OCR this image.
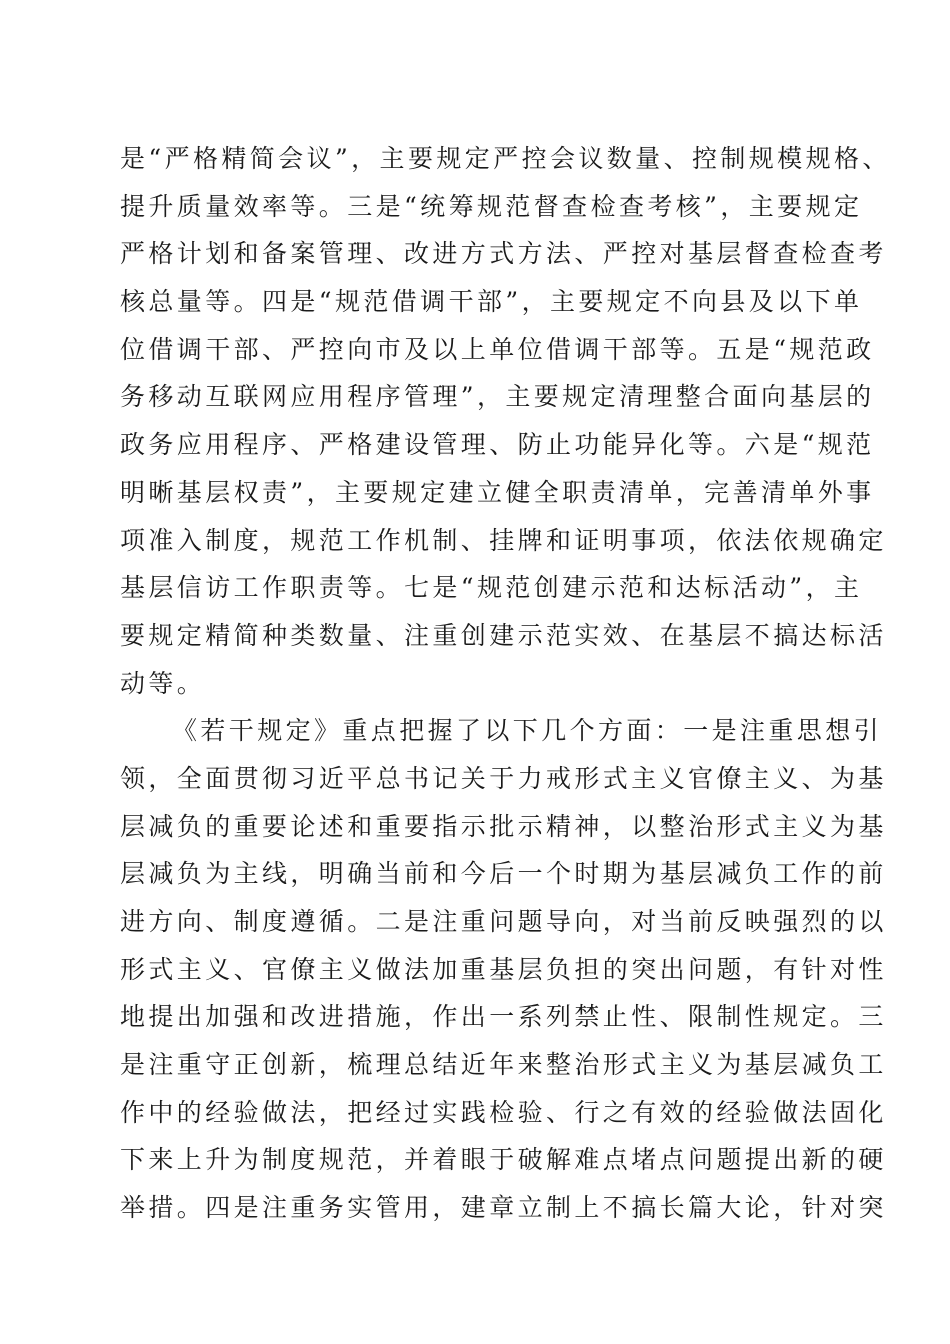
是“严格精简会议”，主要规定严控会议数量、控制规模规格、
提升质量效率等。三是“统筹规范督查检查考核”，主要规定
严格计划和备案管理、改进方式方法、严控对基层督查检查考
核总量等。四是“规范借调干部”，主要规定不向县及以下单
位借调干部、严控向市及以上单位借调干部等。五是“规范政
务移动互联网应用程序管理”，主要规定清理整合面向基层的
政务应用程序、严格建设管理、防止功能异化等。六是“规范
明晰基层权责”，主要规定建立健全职责清单，完善清单外事
项准入制度，规范工作机制、挂牌和证明事项，依法依规确定
基层信访工作职责等。七是“规范创建示范和达标活动”，主
要规定精简种类数量、注重创建示范实效、在基层不搞达标活
动等。
《若干规定》重点把握了以下几个方面：一是注重思想引
领，全面贯彻习近平总书记关于力戒形式主义官僚主义、为基
层减负的重要论述和重要指示批示精神，以整治形式主义为基
层减负为主线，明确当前和今后一个时期为基层减负工作的前
进方向、制度遵循。二是注重问题导向，对当前反映强烈的以
形式主义、官僚主义做法加重基层负担的突出问题，有针对性
地提出加强和改进措施，作出一系列禁止性、限制性规定。三
是注重守正创新，梳理总结近年来整治形式主义为基层减负工
作中的经验做法，把经过实践检验、行之有效的经验做法固化
下来上升为制度规范，并着眼于破解难点堵点问题提出新的硬
举措。四是注重务实管用，建章立制上不搞长篇大论，针对突
